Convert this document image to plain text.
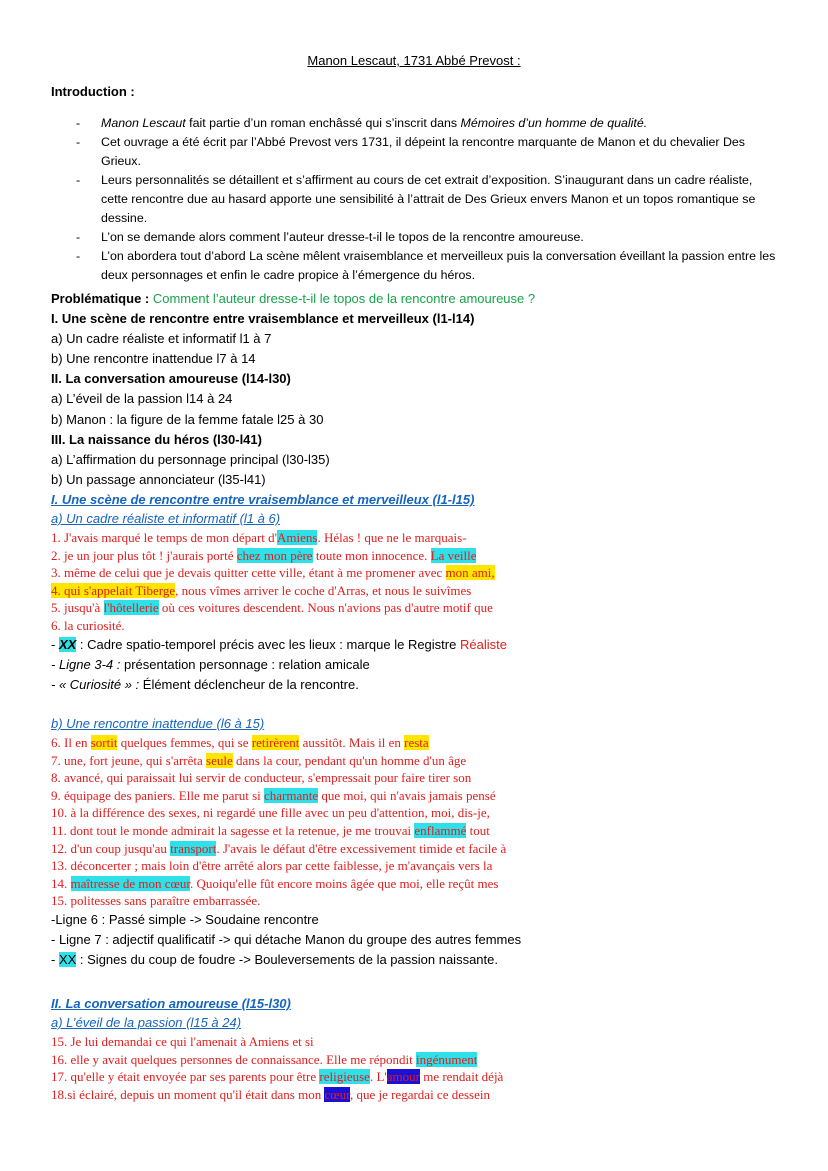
Manon Lescaut, 1731 Abbé Prevost :
Introduction :
- Manon Lescaut fait partie d’un roman enchâssé qui s’inscrit dans Mémoires d’un homme de qualité.
- Cet ouvrage a été écrit par l’Abbé Prevost vers 1731, il dépeint la rencontre marquante de Manon et du chevalier Des Grieux.
- Leurs personnalités se détaillent et s’affirment au cours de cet extrait d’exposition. S’inaugurant dans un cadre réaliste, cette rencontre due au hasard apporte une sensibilité à l’attrait de Des Grieux envers Manon et un topos romantique se dessine.
- L’on se demande alors comment l’auteur dresse-t-il le topos de la rencontre amoureuse.
- L’on abordera tout d’abord La scène mêlent vraisemblance et merveilleux puis la conversation éveillant la passion entre les deux personnages et enfin le cadre propice à l’émergence du héros.
Problématique : Comment l’auteur dresse-t-il le topos de la rencontre amoureuse ?
I. Une scène de rencontre entre vraisemblance et merveilleux (l1-l14)
a) Un cadre réaliste et informatif l1 à 7
b) Une rencontre inattendue l7 à 14
II. La conversation amoureuse (l14-l30)
a) L’éveil de la passion l14 à 24
b) Manon : la figure de la femme fatale l25 à 30
III. La naissance du héros (l30-l41)
a) L’affirmation du personnage principal (l30-l35)
b) Un passage annonciateur (l35-l41)
I. Une scène de rencontre entre vraisemblance et merveilleux (l1-l15)
a) Un cadre réaliste et informatif (l1 à 6)
1. J'avais marqué le temps de mon départ d'Amiens. Hélas ! que ne le marquais-
2. je un jour plus tôt ! j'aurais porté chez mon père toute mon innocence. La veille
3. même de celui que je devais quitter cette ville, étant à me promener avec mon ami,
4. qui s'appelait Tiberge, nous vîmes arriver le coche d'Arras, et nous le suivîmes
5. jusqu'à l'hôtellerie où ces voitures descendent. Nous n'avions pas d'autre motif que
6. la curiosité.
- XX : Cadre spatio-temporel précis avec les lieux : marque le Registre Réaliste
- Ligne 3-4 : présentation personnage : relation amicale
- « Curiosité » : Élément déclencheur de la rencontre.
b) Une rencontre inattendue (l6 à 15)
6. Il en sortit quelques femmes, qui se retirèrent aussitôt. Mais il en resta
7. une, fort jeune, qui s'arrêta seule dans la cour, pendant qu'un homme d'un âge
8. avancé, qui paraissait lui servir de conducteur, s'empressait pour faire tirer son
9. équipage des paniers. Elle me parut si charmante que moi, qui n'avais jamais pensé
10. à la différence des sexes, ni regardé une fille avec un peu d'attention, moi, dis-je,
11. dont tout le monde admirait la sagesse et la retenue, je me trouvai enflammé tout
12. d'un coup jusqu'au transport. J'avais le défaut d'être excessivement timide et facile à
13. déconcerter ; mais loin d'être arrêté alors par cette faiblesse, je m'avançais vers la
14. maîtresse de mon cœur. Quoiqu'elle fût encore moins âgée que moi, elle reçût mes
15. politesses sans paraître embarrassée.
-Ligne 6 : Passé simple -> Soudaine rencontre
- Ligne 7 : adjectif qualificatif -> qui détache Manon du groupe des autres femmes
- XX : Signes du coup de foudre -> Bouleversements de la passion naissante.
II. La conversation amoureuse (l15-l30)
a) L’éveil de la passion (l15 à 24)
15. Je lui demandai ce qui l'amenait à Amiens et si
16. elle y avait quelques personnes de connaissance. Elle me répondit ingénument
17. qu'elle y était envoyée par ses parents pour être religieuse. L'amour me rendait déjà
18.si éclairé, depuis un moment qu'il était dans mon cœur, que je regardai ce dessein
